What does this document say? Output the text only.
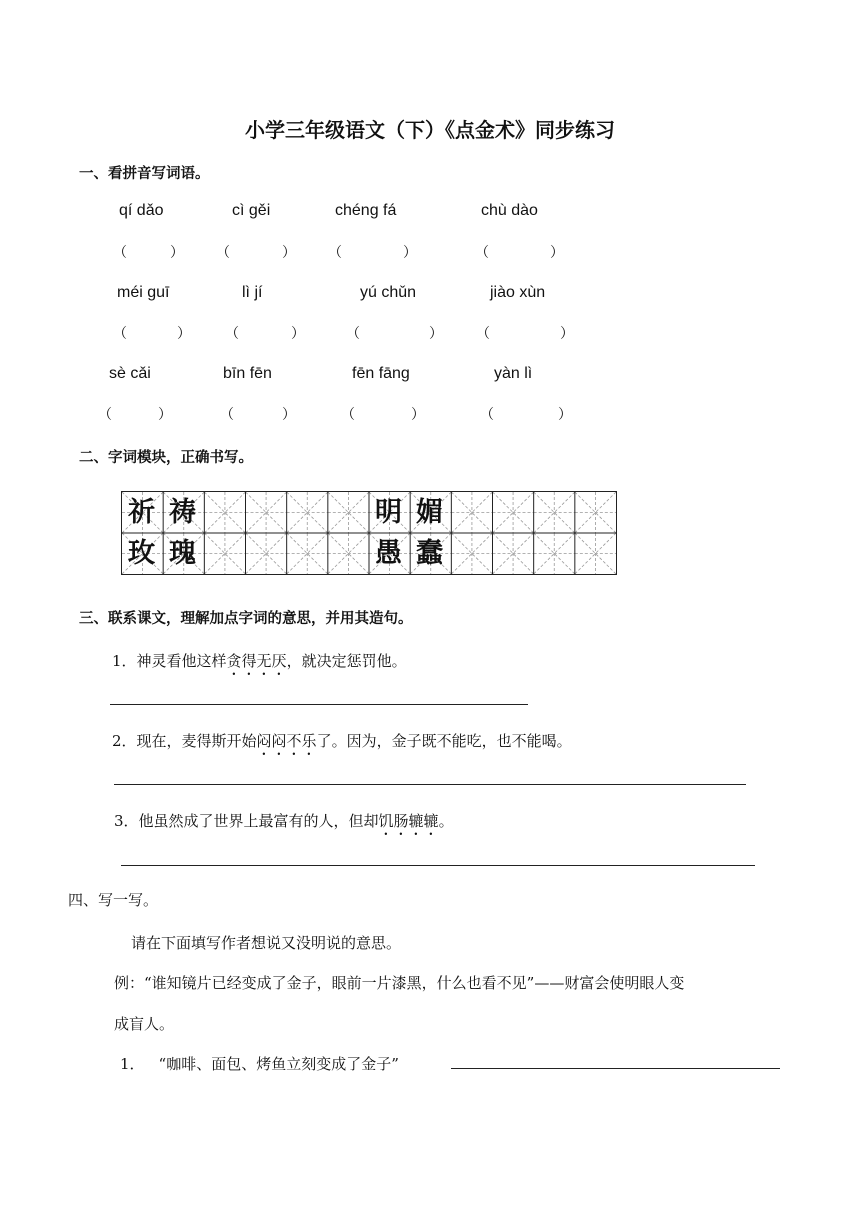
小学三年级语文（下）《点金术》同步练习
一、看拼音写词语。
qí dǎo	cì gěi	chéng fá	chù dào
（	） （	） （	）	（	）
méi guī	lì jí	yú chǔn	jiào xùn
（	） （	）	（	） （	）
sè cǎi	bīn fēn	fēn fāng	yàn lì
（	）	（	）	（	）	（	）
二、字词模块，正确书写。
祈 祷	明 媚
玫 瑰	愚 蠢
三、联系课文，理解加点字词的意思，并用其造句。
1．神灵看他这样贪得无厌，就决定惩罚他。
2．现在，麦得斯开始闷闷不乐了。因为，金子既不能吃，也不能喝。
3．他虽然成了世界上最富有的人，但却饥肠辘辘。
四、写一写。
请在下面填写作者想说又没明说的意思。
例：“谁知镜片已经变成了金子，眼前一片漆黑，什么也看不见”——财富会使明眼人变
成盲人。
1． “咖啡、面包、烤鱼立刻变成了金子”
